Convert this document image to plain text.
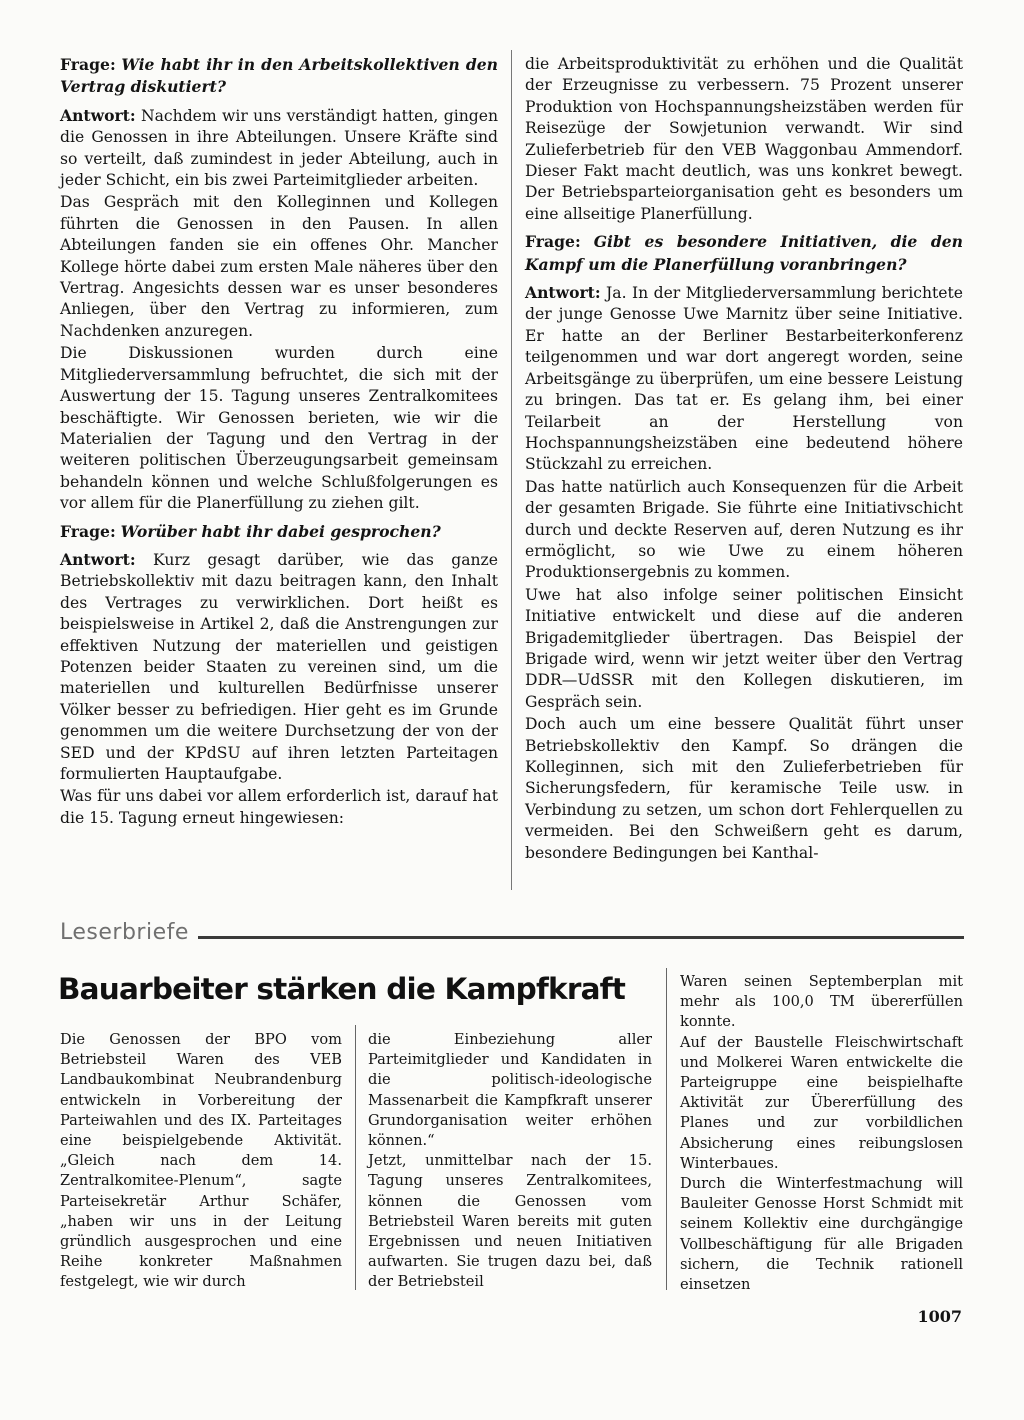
Frage: Wie habt ihr in den Arbeitskollektiven den Vertrag diskutiert?

Antwort: Nachdem wir uns verständigt hatten, gingen die Genossen in ihre Abteilungen. Unsere Kräfte sind so verteilt, daß zumindest in jeder Abteilung, auch in jeder Schicht, ein bis zwei Parteimitglieder arbeiten.

Das Gespräch mit den Kolleginnen und Kollegen führten die Genossen in den Pausen. In allen Abteilungen fanden sie ein offenes Ohr. Mancher Kollege hörte dabei zum ersten Male näheres über den Vertrag. Angesichts dessen war es unser besonderes Anliegen, über den Vertrag zu informieren, zum Nachdenken anzuregen.

Die Diskussionen wurden durch eine Mitgliederversammlung befruchtet, die sich mit der Auswertung der 15. Tagung unseres Zentralkomitees beschäftigte. Wir Genossen berieten, wie wir die Materialien der Tagung und den Vertrag in der weiteren politischen Überzeugungsarbeit gemeinsam behandeln können und welche Schlußfolgerungen es vor allem für die Planerfüllung zu ziehen gilt.

Frage: Worüber habt ihr dabei gesprochen?

Antwort: Kurz gesagt darüber, wie das ganze Betriebskollektiv mit dazu beitragen kann, den Inhalt des Vertrages zu verwirklichen. Dort heißt es beispielsweise in Artikel 2, daß die Anstrengungen zur effektiven Nutzung der materiellen und geistigen Potenzen beider Staaten zu vereinen sind, um die materiellen und kulturellen Bedürfnisse unserer Völker besser zu befriedigen. Hier geht es im Grunde genommen um die weitere Durchsetzung der von der SED und der KPdSU auf ihren letzten Parteitagen formulierten Hauptaufgabe.

Was für uns dabei vor allem erforderlich ist, darauf hat die 15. Tagung erneut hingewiesen:

die Arbeitsproduktivität zu erhöhen und die Qualität der Erzeugnisse zu verbessern. 75 Prozent unserer Produktion von Hochspannungsheizstäben werden für Reisezüge der Sowjetunion verwandt. Wir sind Zulieferbetrieb für den VEB Waggonbau Ammendorf. Dieser Fakt macht deutlich, was uns konkret bewegt. Der Betriebsparteiorganisation geht es besonders um eine allseitige Planerfüllung.

Frage: Gibt es besondere Initiativen, die den Kampf um die Planerfüllung voranbringen?

Antwort: Ja. In der Mitgliederversammlung berichtete der junge Genosse Uwe Marnitz über seine Initiative. Er hatte an der Berliner Bestarbeiterkonferenz teilgenommen und war dort angeregt worden, seine Arbeitsgänge zu überprüfen, um eine bessere Leistung zu bringen. Das tat er. Es gelang ihm, bei einer Teilarbeit an der Herstellung von Hochspannungsheizstäben eine bedeutend höhere Stückzahl zu erreichen.

Das hatte natürlich auch Konsequenzen für die Arbeit der gesamten Brigade. Sie führte eine Initiativschicht durch und deckte Reserven auf, deren Nutzung es ihr ermöglicht, so wie Uwe zu einem höheren Produktionsergebnis zu kommen.

Uwe hat also infolge seiner politischen Einsicht Initiative entwickelt und diese auf die anderen Brigademitglieder übertragen. Das Beispiel der Brigade wird, wenn wir jetzt weiter über den Vertrag DDR—UdSSR mit den Kollegen diskutieren, im Gespräch sein.

Doch auch um eine bessere Qualität führt unser Betriebskollektiv den Kampf. So drängen die Kolleginnen, sich mit den Zulieferbetrieben für Sicherungsfedern, für keramische Teile usw. in Verbindung zu setzen, um schon dort Fehlerquellen zu vermeiden. Bei den Schweißern geht es darum, besondere Bedingungen bei Kanthal-

Leserbriefe
Bauarbeiter stärken die Kampfkraft

Die Genossen der BPO vom Betriebsteil Waren des VEB Landbaukombinat Neubrandenburg entwickeln in Vorbereitung der Parteiwahlen und des IX. Parteitages eine beispielgebende Aktivität. „Gleich nach dem 14. Zentralkomitee-Plenum“, sagte Parteisekretär Arthur Schäfer, „haben wir uns in der Leitung gründlich ausgesprochen und eine Reihe konkreter Maßnahmen festgelegt, wie wir durch

die Einbeziehung aller Parteimitglieder und Kandidaten in die politisch-ideologische Massenarbeit die Kampfkraft unserer Grundorganisation weiter erhöhen können.“

Jetzt, unmittelbar nach der 15. Tagung unseres Zentralkomitees, können die Genossen vom Betriebsteil Waren bereits mit guten Ergebnissen und neuen Initiativen aufwarten. Sie trugen dazu bei, daß der Betriebsteil

Waren seinen Septemberplan mit mehr als 100,0 TM übererfüllen konnte.

Auf der Baustelle Fleischwirtschaft und Molkerei Waren entwickelte die Parteigruppe eine beispielhafte Aktivität zur Übererfüllung des Planes und zur vorbildlichen Absicherung eines reibungslosen Winterbaues.

Durch die Winterfestmachung will Bauleiter Genosse Horst Schmidt mit seinem Kollektiv eine durchgängige Vollbeschäftigung für alle Brigaden sichern, die Technik rationell einsetzen

1007
